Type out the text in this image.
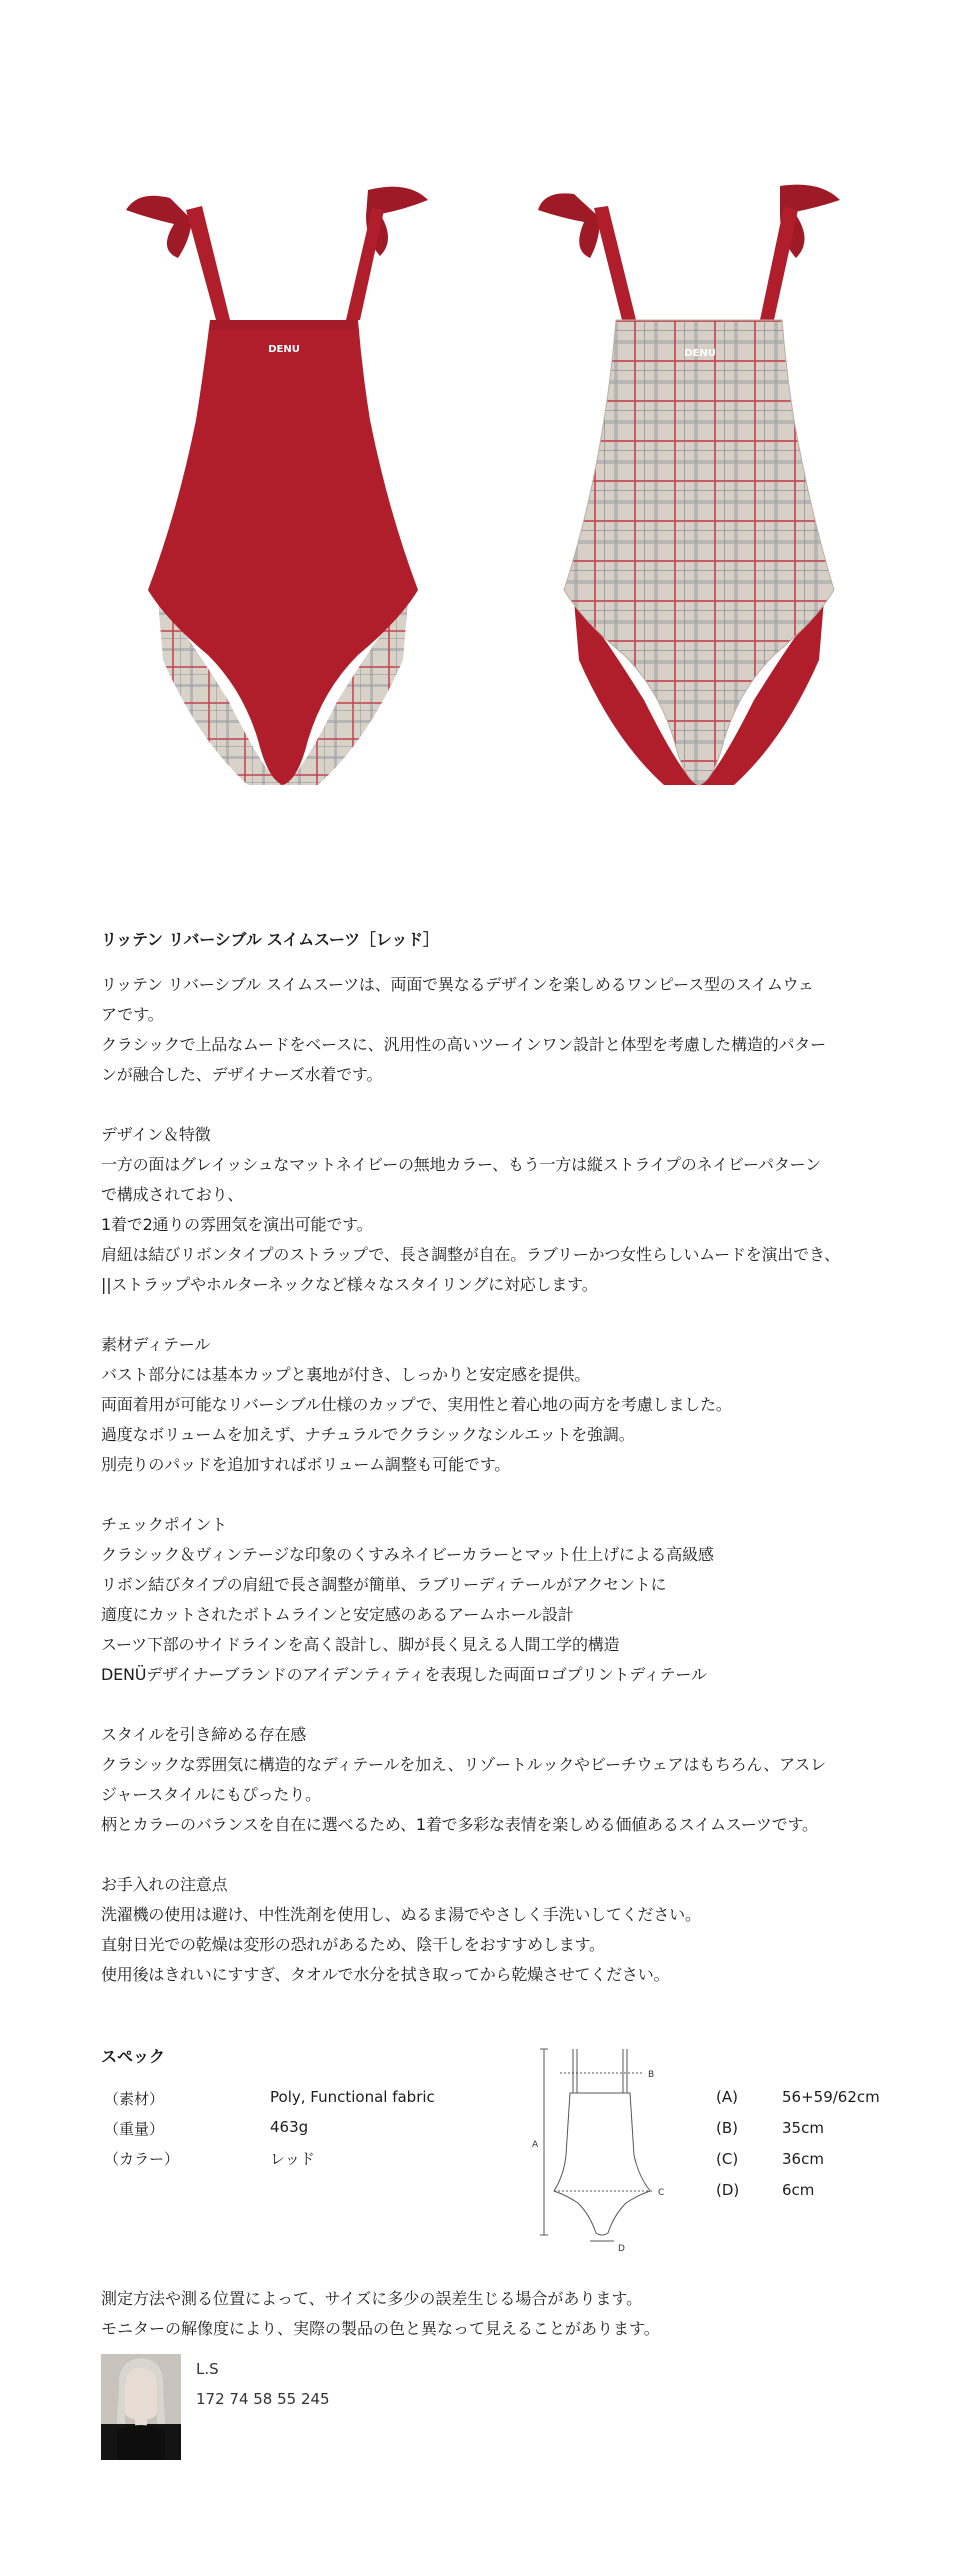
DENU	DENU
リッテン リバーシブル スイムスーツ［レッド］
リッテン リバーシブル スイムスーツは、両面で異なるデザインを楽しめるワンピース型のスイムウェ
アです。
クラシックで上品なムードをベースに、汎用性の高いツーインワン設計と体型を考慮した構造的パター
ンが融合した、デザイナーズ水着です。
デザイン＆特徴
一方の面はグレイッシュなマットネイビーの無地カラー、もう一方は縦ストライプのネイビーパターン
で構成されており、
1着で2通りの雰囲気を演出可能です。
肩紐は結びリボンタイプのストラップで、長さ調整が自在。ラブリーかつ女性らしいムードを演出でき、
||ストラップやホルターネックなど様々なスタイリングに対応します。
素材ディテール
バスト部分には基本カップと裏地が付き、しっかりと安定感を提供。
両面着用が可能なリバーシブル仕様のカップで、実用性と着心地の両方を考慮しました。
過度なボリュームを加えず、ナチュラルでクラシックなシルエットを強調。
別売りのパッドを追加すればボリューム調整も可能です。
チェックポイント
クラシック＆ヴィンテージな印象のくすみネイビーカラーとマット仕上げによる高級感
リボン結びタイプの肩紐で長さ調整が簡単、ラブリーディテールがアクセントに
適度にカットされたボトムラインと安定感のあるアームホール設計
スーツ下部のサイドラインを高く設計し、脚が長く見える人間工学的構造
DENÜデザイナーブランドのアイデンティティを表現した両面ロゴプリントディテール
スタイルを引き締める存在感
クラシックな雰囲気に構造的なディテールを加え、リゾートルックやビーチウェアはもちろん、アスレ
ジャースタイルにもぴったり。
柄とカラーのバランスを自在に選べるため、1着で多彩な表情を楽しめる価値あるスイムスーツです。
お手入れの注意点
洗濯機の使用は避け、中性洗剤を使用し、ぬるま湯でやさしく手洗いしてください。
直射日光での乾燥は変形の恐れがあるため、陰干しをおすすめします。
使用後はきれいにすすぎ、タオルで水分を拭き取ってから乾燥させてください。
スペック
（素材）	Poly, Functional fabric
（重量）	463g
（カラー）	レッド
B
A
C
D
(A)	56+59/62cm
(B)	35cm
(C)	36cm
(D)	6cm
測定方法や測る位置によって、サイズに多少の誤差生じる場合があります。
モニターの解像度により、実際の製品の色と異なって見えることがあります。
L.S
172 74 58 55 245
